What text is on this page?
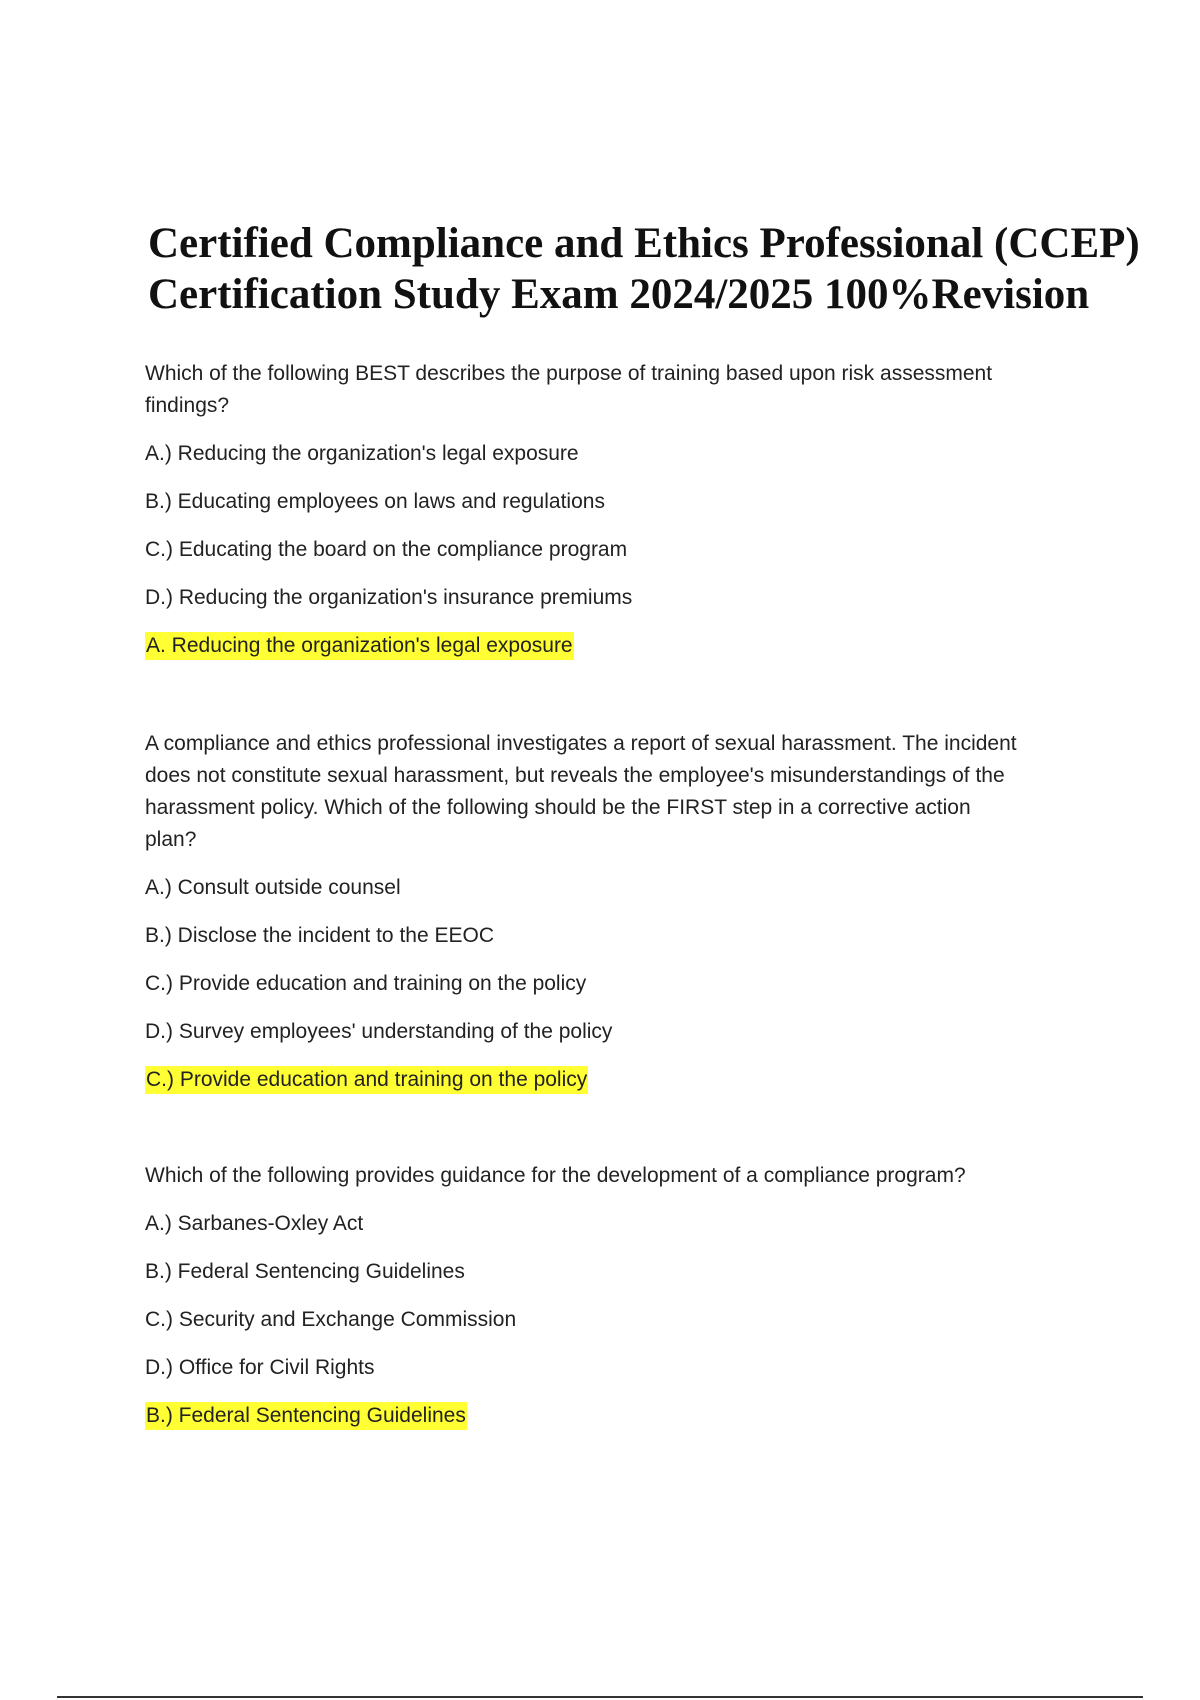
Certified Compliance and Ethics Professional (CCEP)
Certification Study Exam 2024/2025 100%Revision

Which of the following BEST describes the purpose of training based upon risk assessment findings?

A.) Reducing the organization's legal exposure

B.) Educating employees on laws and regulations

C.) Educating the board on the compliance program

D.) Reducing the organization's insurance premiums

A. Reducing the organization's legal exposure

A compliance and ethics professional investigates a report of sexual harassment. The incident does not constitute sexual harassment, but reveals the employee's misunderstandings of the harassment policy. Which of the following should be the FIRST step in a corrective action plan?

A.) Consult outside counsel

B.) Disclose the incident to the EEOC

C.) Provide education and training on the policy

D.) Survey employees' understanding of the policy

C.) Provide education and training on the policy

Which of the following provides guidance for the development of a compliance program?

A.) Sarbanes-Oxley Act

B.) Federal Sentencing Guidelines

C.) Security and Exchange Commission

D.) Office for Civil Rights

B.) Federal Sentencing Guidelines
